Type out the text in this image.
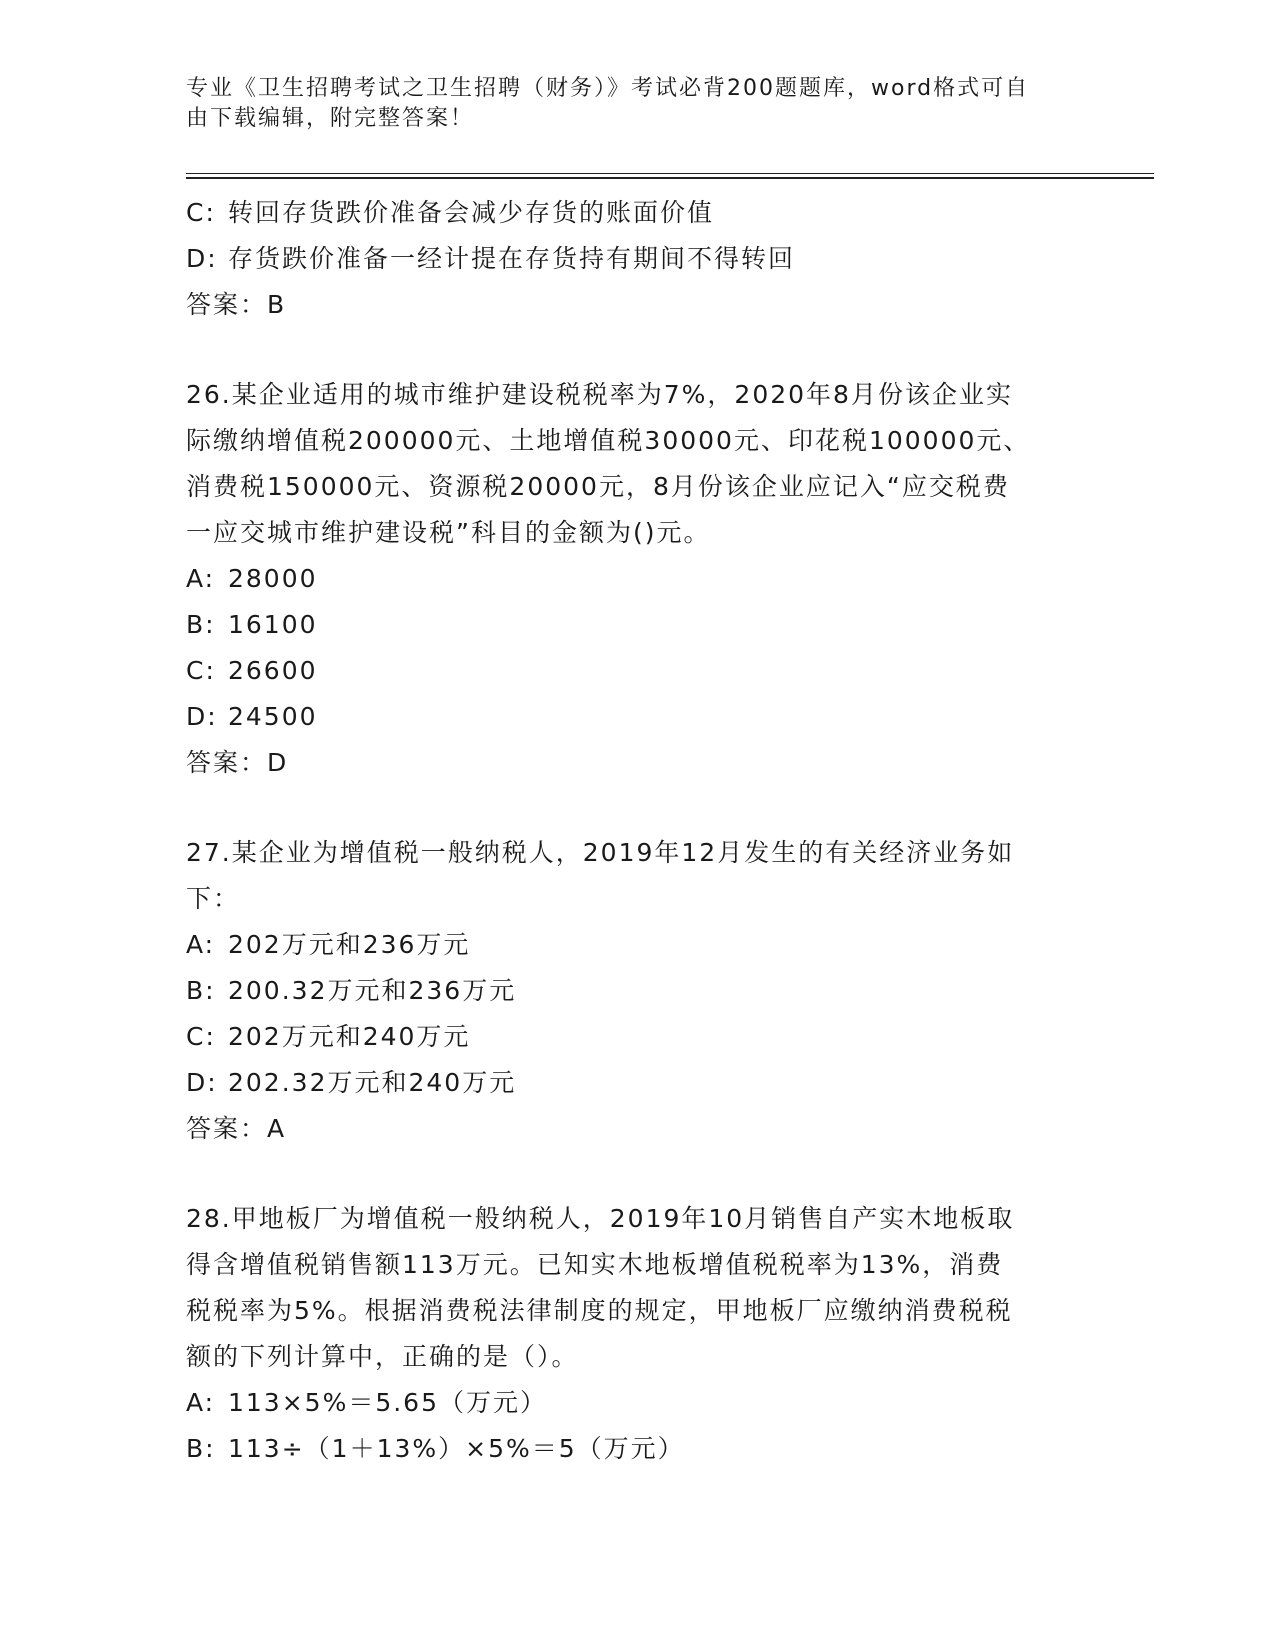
专业《卫生招聘考试之卫生招聘（财务）》考试必背200题题库，word格式可自
由下载编辑，附完整答案！
C: 转回存货跌价准备会减少存货的账面价值
D: 存货跌价准备一经计提在存货持有期间不得转回
答案：B
26.某企业适用的城市维护建设税税率为7%，2020年8月份该企业实
际缴纳增值税200000元、土地增值税30000元、印花税100000元、
消费税150000元、资源税20000元，8月份该企业应记入“应交税费
一应交城市维护建设税”科目的金额为()元。
A: 28000
B: 16100
C: 26600
D: 24500
答案：D
27.某企业为增值税一般纳税人，2019年12月发生的有关经济业务如
下：
A: 202万元和236万元
B: 200.32万元和236万元
C: 202万元和240万元
D: 202.32万元和240万元
答案：A
28.甲地板厂为增值税一般纳税人，2019年10月销售自产实木地板取
得含增值税销售额113万元。已知实木地板增值税税率为13%，消费
税税率为5%。根据消费税法律制度的规定，甲地板厂应缴纳消费税税
额的下列计算中，正确的是（）。
A: 113×5%＝5.65（万元）
B: 113÷（1＋13%）×5%＝5（万元）
